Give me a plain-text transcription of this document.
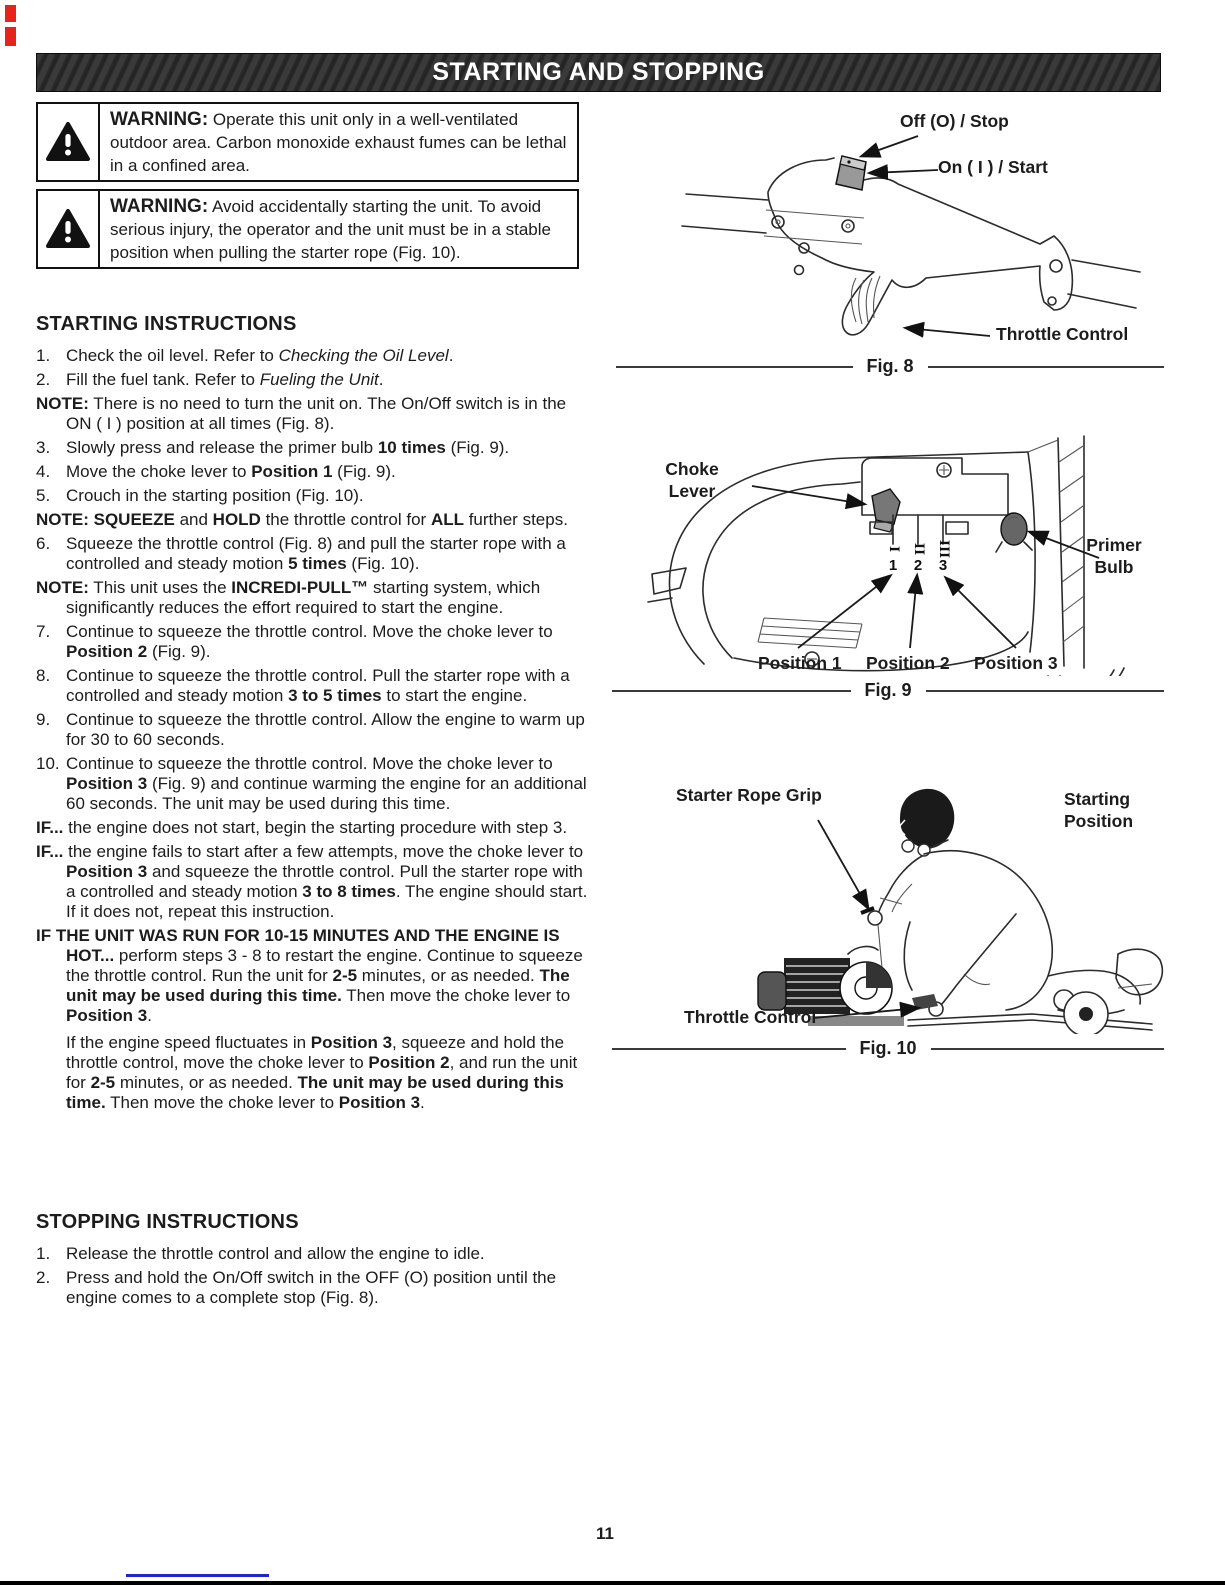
STARTING AND STOPPING
WARNING: Operate this unit only in a well-ventilated outdoor area. Carbon monoxide exhaust fumes can be lethal in a confined area.
WARNING: Avoid accidentally starting the unit. To avoid serious injury, the operator and the unit must be in a stable position when pulling the starter rope (Fig. 10).
STARTING INSTRUCTIONS
1. Check the oil level. Refer to Checking the Oil Level.
2. Fill the fuel tank. Refer to Fueling the Unit.
NOTE: There is no need to turn the unit on. The On/Off switch is in the ON ( I ) position at all times (Fig. 8).
3. Slowly press and release the primer bulb 10 times (Fig. 9).
4. Move the choke lever to Position 1 (Fig. 9).
5. Crouch in the starting position (Fig. 10).
NOTE: SQUEEZE and HOLD the throttle control for ALL further steps.
6. Squeeze the throttle control (Fig. 8) and pull the starter rope with a controlled and steady motion 5 times (Fig. 10).
NOTE: This unit uses the INCREDI-PULL™ starting system, which significantly reduces the effort required to start the engine.
7. Continue to squeeze the throttle control. Move the choke lever to Position 2 (Fig. 9).
8. Continue to squeeze the throttle control. Pull the starter rope with a controlled and steady motion 3 to 5 times to start the engine.
9. Continue to squeeze the throttle control. Allow the engine to warm up for 30 to 60 seconds.
10. Continue to squeeze the throttle control. Move the choke lever to Position 3 (Fig. 9) and continue warming the engine for an additional 60 seconds. The unit may be used during this time.
IF... the engine does not start, begin the starting procedure with step 3.
IF... the engine fails to start after a few attempts, move the choke lever to Position 3 and squeeze the throttle control. Pull the starter rope with a controlled and steady motion 3 to 8 times. The engine should start. If it does not, repeat this instruction.
IF THE UNIT WAS RUN FOR 10-15 MINUTES AND THE ENGINE IS HOT... perform steps 3 - 8 to restart the engine. Continue to squeeze the throttle control. Run the unit for 2-5 minutes, or as needed. The unit may be used during this time. Then move the choke lever to Position 3.
If the engine speed fluctuates in Position 3, squeeze and hold the throttle control, move the choke lever to Position 2, and run the unit for 2-5 minutes, or as needed. The unit may be used during this time. Then move the choke lever to Position 3.
STOPPING INSTRUCTIONS
1. Release the throttle control and allow the engine to idle.
2. Press and hold the On/Off switch in the OFF (O) position until the engine comes to a complete stop (Fig. 8).
Off (O) / Stop
On ( I ) / Start
Throttle Control
Fig. 8
I II III
1 2 3
Choke Lever
Primer Bulb
Position 1 Position 2 Position 3
Fig. 9
Starter Rope Grip	Starting Position
Throttle Control
Fig. 10
11
